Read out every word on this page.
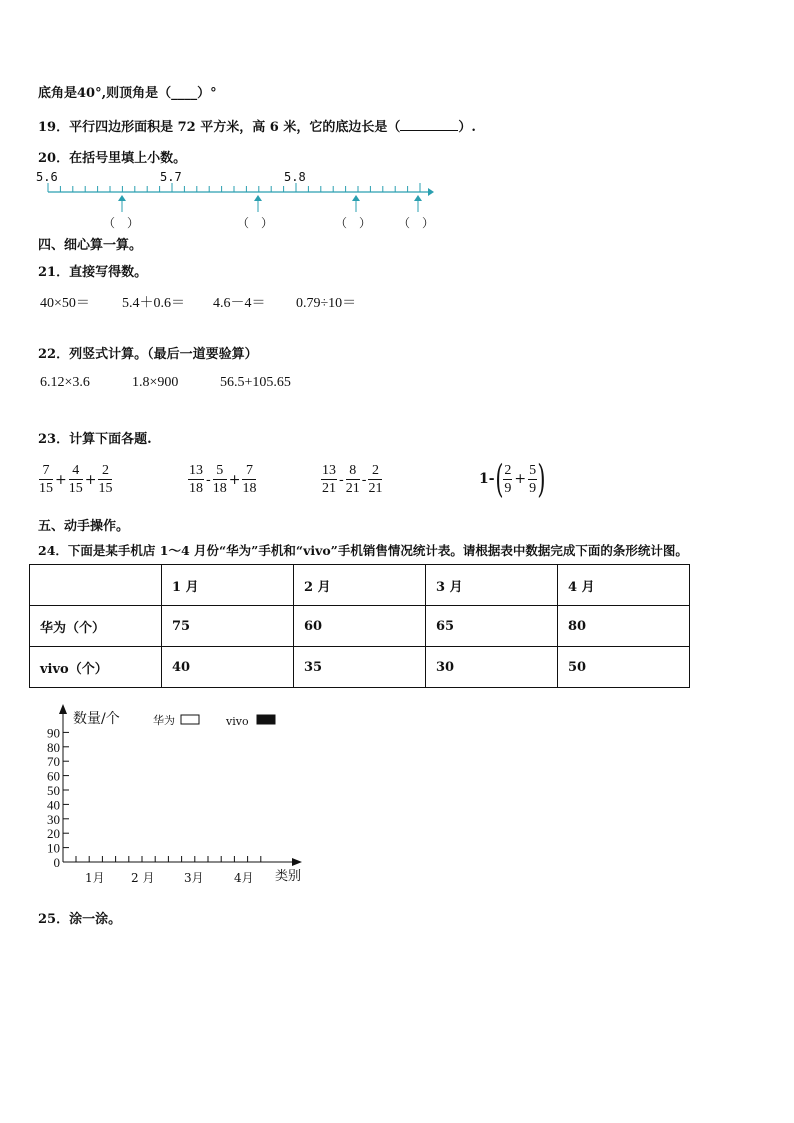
底角是40°,则顶角是（____）°
19．平行四边形面积是 72 平方米，高 6 米，它的底边长是（	）.
20．在括号里填上小数。
5.6	5.7	5.8
（　）	（　）	（　） （　）
四、细心算一算。
21．直接写得数。
40×50＝ 5.4＋0.6＝ 4.6－4＝ 0.79÷10＝
22．列竖式计算。（最后一道要验算）
6.12×3.6	1.8×900	56.5+105.65
23．计算下面各题.
$\frac{7}{15} + \frac{4}{15} + \frac{2}{15}$	$\frac{13}{18} - \frac{5}{18} + \frac{7}{18}$	$\frac{13}{21} - \frac{8}{21} - \frac{2}{21}$	$1-( \frac{2}{9} + \frac{5}{9}$ )
五、动手操作。
24．下面是某手机店 1～4 月份“华为”手机和“vivo”手机销售情况统计表。请根据表中数据完成下面的条形统计图。
	1 月	2 月	3 月	4 月
华为（个）	75	60	65	80
vivo（个）	40	35	30	50
0
10
20
30
40
50
60
70
80
90
数量/个	华为	vivo
1月 2 月 3月	4月 类别
25．涂一涂。
